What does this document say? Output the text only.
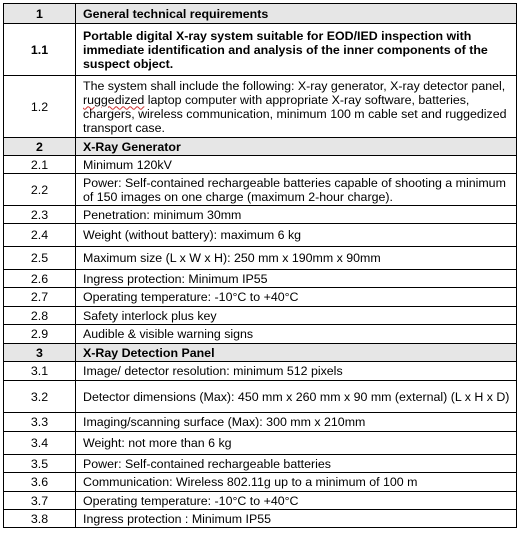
1	General technical requirements
1.1	Portable digital X-ray system suitable for EOD/IED inspection with immediate identification and analysis of the inner components of the suspect object.
1.2	The system shall include the following: X-ray generator, X-ray detector panel, ruggedized laptop computer with appropriate X-ray software, batteries, chargers, wireless communication, minimum 100 m cable set and ruggedized transport case.
2	X-Ray Generator
2.1	Minimum 120kV
2.2	Power: Self-contained rechargeable batteries capable of shooting a minimum of 150 images on one charge (maximum 2-hour charge).
2.3	Penetration: minimum 30mm
2.4	Weight (without battery): maximum 6 kg
2.5	Maximum size (L x W x H): 250 mm x 190mm x 90mm
2.6	Ingress protection: Minimum IP55
2.7	Operating temperature: -10°C to +40°C
2.8	Safety interlock plus key
2.9	Audible & visible warning signs
3	X-Ray Detection Panel
3.1	Image/ detector resolution: minimum 512 pixels
3.2	Detector dimensions (Max): 450 mm x 260 mm x 90 mm (external) (L x H x D)
3.3	Imaging/scanning surface (Max): 300 mm x 210mm
3.4	Weight: not more than 6 kg
3.5	Power: Self-contained rechargeable batteries
3.6	Communication: Wireless 802.11g up to a minimum of 100 m
3.7	Operating temperature: -10°C to +40°C
3.8	Ingress protection : Minimum IP55
